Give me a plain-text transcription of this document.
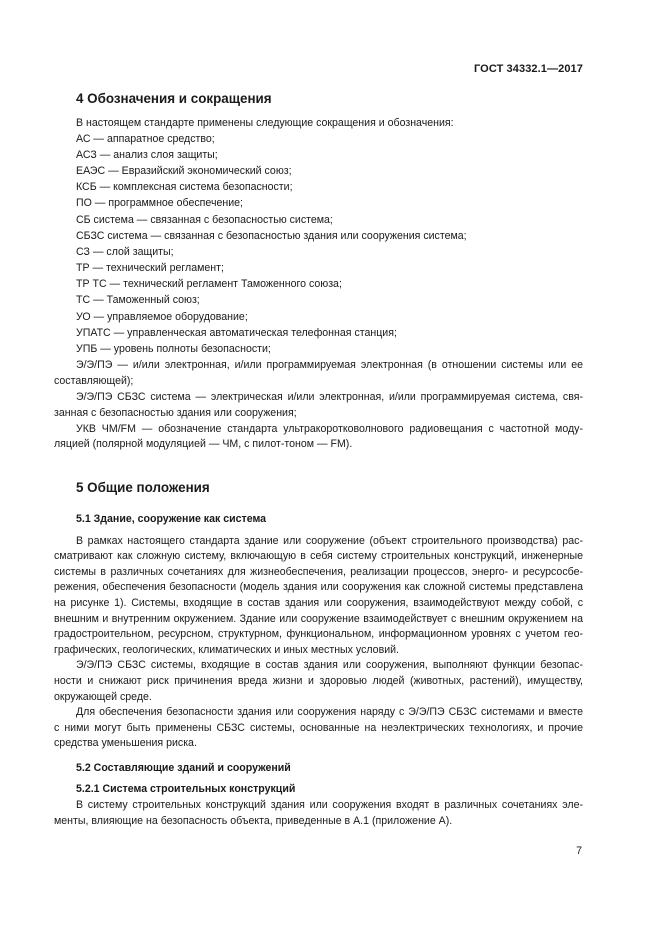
ГОСТ 34332.1—2017
4 Обозначения и сокращения

В настоящем стандарте применены следующие сокращения и обозначения:

АС — аппаратное средство;
АСЗ — анализ слоя защиты;
ЕАЭС — Евразийский экономический союз;
КСБ — комплексная система безопасности;
ПО — программное обеспечение;
СБ система — связанная с безопасностью система;
СБЗС система — связанная с безопасностью здания или сооружения система;
СЗ — слой защиты;
ТР — технический регламент;
ТР ТС — технический регламент Таможенного союза;
ТС — Таможенный союз;
УО — управляемое оборудование;
УПАТС — управленческая автоматическая телефонная станция;
УПБ — уровень полноты безопасности;
Э/Э/ПЭ — и/или электронная, и/или программируемая электронная (в отношении системы или ее
составляющей);
Э/Э/ПЭ СБЗС система — электрическая и/или электронная, и/или программируемая система, свя-
занная с безопасностью здания или сооружения;
УКВ ЧМ/FM — обозначение стандарта ультракоротковолнового радиовещания с частотной моду-
ляцией (полярной модуляцией — ЧМ, с пилот-тоном — FM).
5 Общие положения
5.1 Здание, сооружение как система
В рамках настоящего стандарта здание или сооружение (объект строительного производства) рас-
сматривают как сложную систему, включающую в себя систему строительных конструкций, инженерные
системы в различных сочетаниях для жизнеобеспечения, реализации процессов, энерго- и ресурсосбе-
режения, обеспечения безопасности (модель здания или сооружения как сложной системы представлена
на рисунке 1). Системы, входящие в состав здания или сооружения, взаимодействуют между собой, с
внешним и внутренним окружением. Здание или сооружение взаимодействует с внешним окружением на
градостроительном, ресурсном, структурном, функциональном, информационном уровнях с учетом гео-
графических, геологических, климатических и иных местных условий.
Э/Э/ПЭ СБЗС системы, входящие в состав здания или сооружения, выполняют функции безопас-
ности и снижают риск причинения вреда жизни и здоровью людей (животных, растений), имуществу,
окружающей среде.
Для обеспечения безопасности здания или сооружения наряду с Э/Э/ПЭ СБЗС системами и вместе
с ними могут быть применены СБЗС системы, основанные на неэлектрических технологиях, и прочие
средства уменьшения риска.
5.2 Составляющие зданий и сооружений
5.2.1 Система строительных конструкций
В систему строительных конструкций здания или сооружения входят в различных сочетаниях эле-
менты, влияющие на безопасность объекта, приведенные в А.1 (приложение А).
7
